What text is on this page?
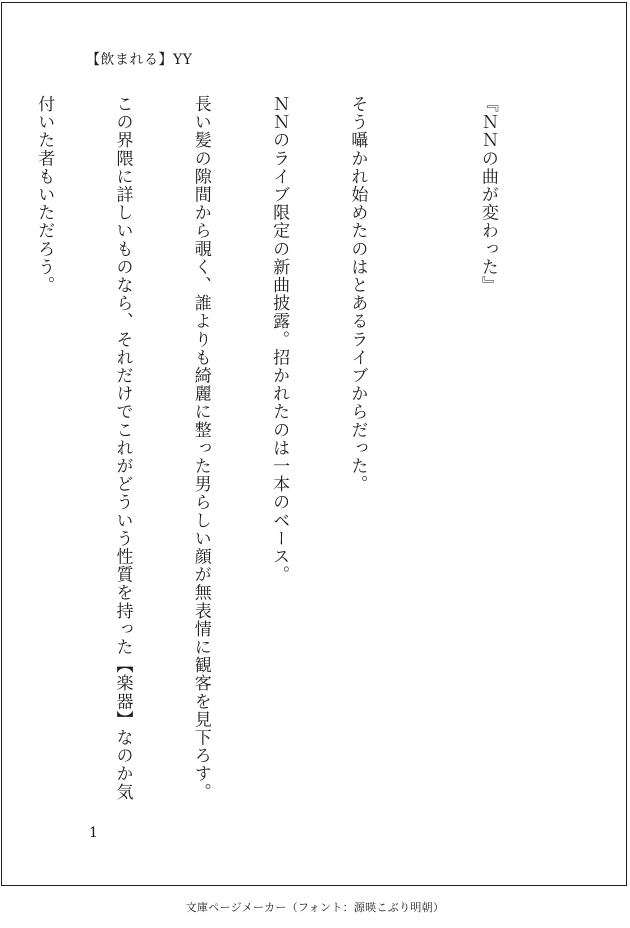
【飲まれる】YY

『ＮＮの曲が変わった』

そう囁かれ始めたのはとあるライブからだった。

ＮＮのライブ限定の新曲披露。招かれたのは一本のベース。

長い髪の隙間から覗く、誰よりも綺麗に整った男らしい顔が無表情に観客を見下ろす。

この界隈に詳しいものなら、それだけでこれがどういう性質を持った【楽器】なのか気

付いた者もいただろう。

1
文庫ページメーカー（フォント：源暎こぶり明朝）
